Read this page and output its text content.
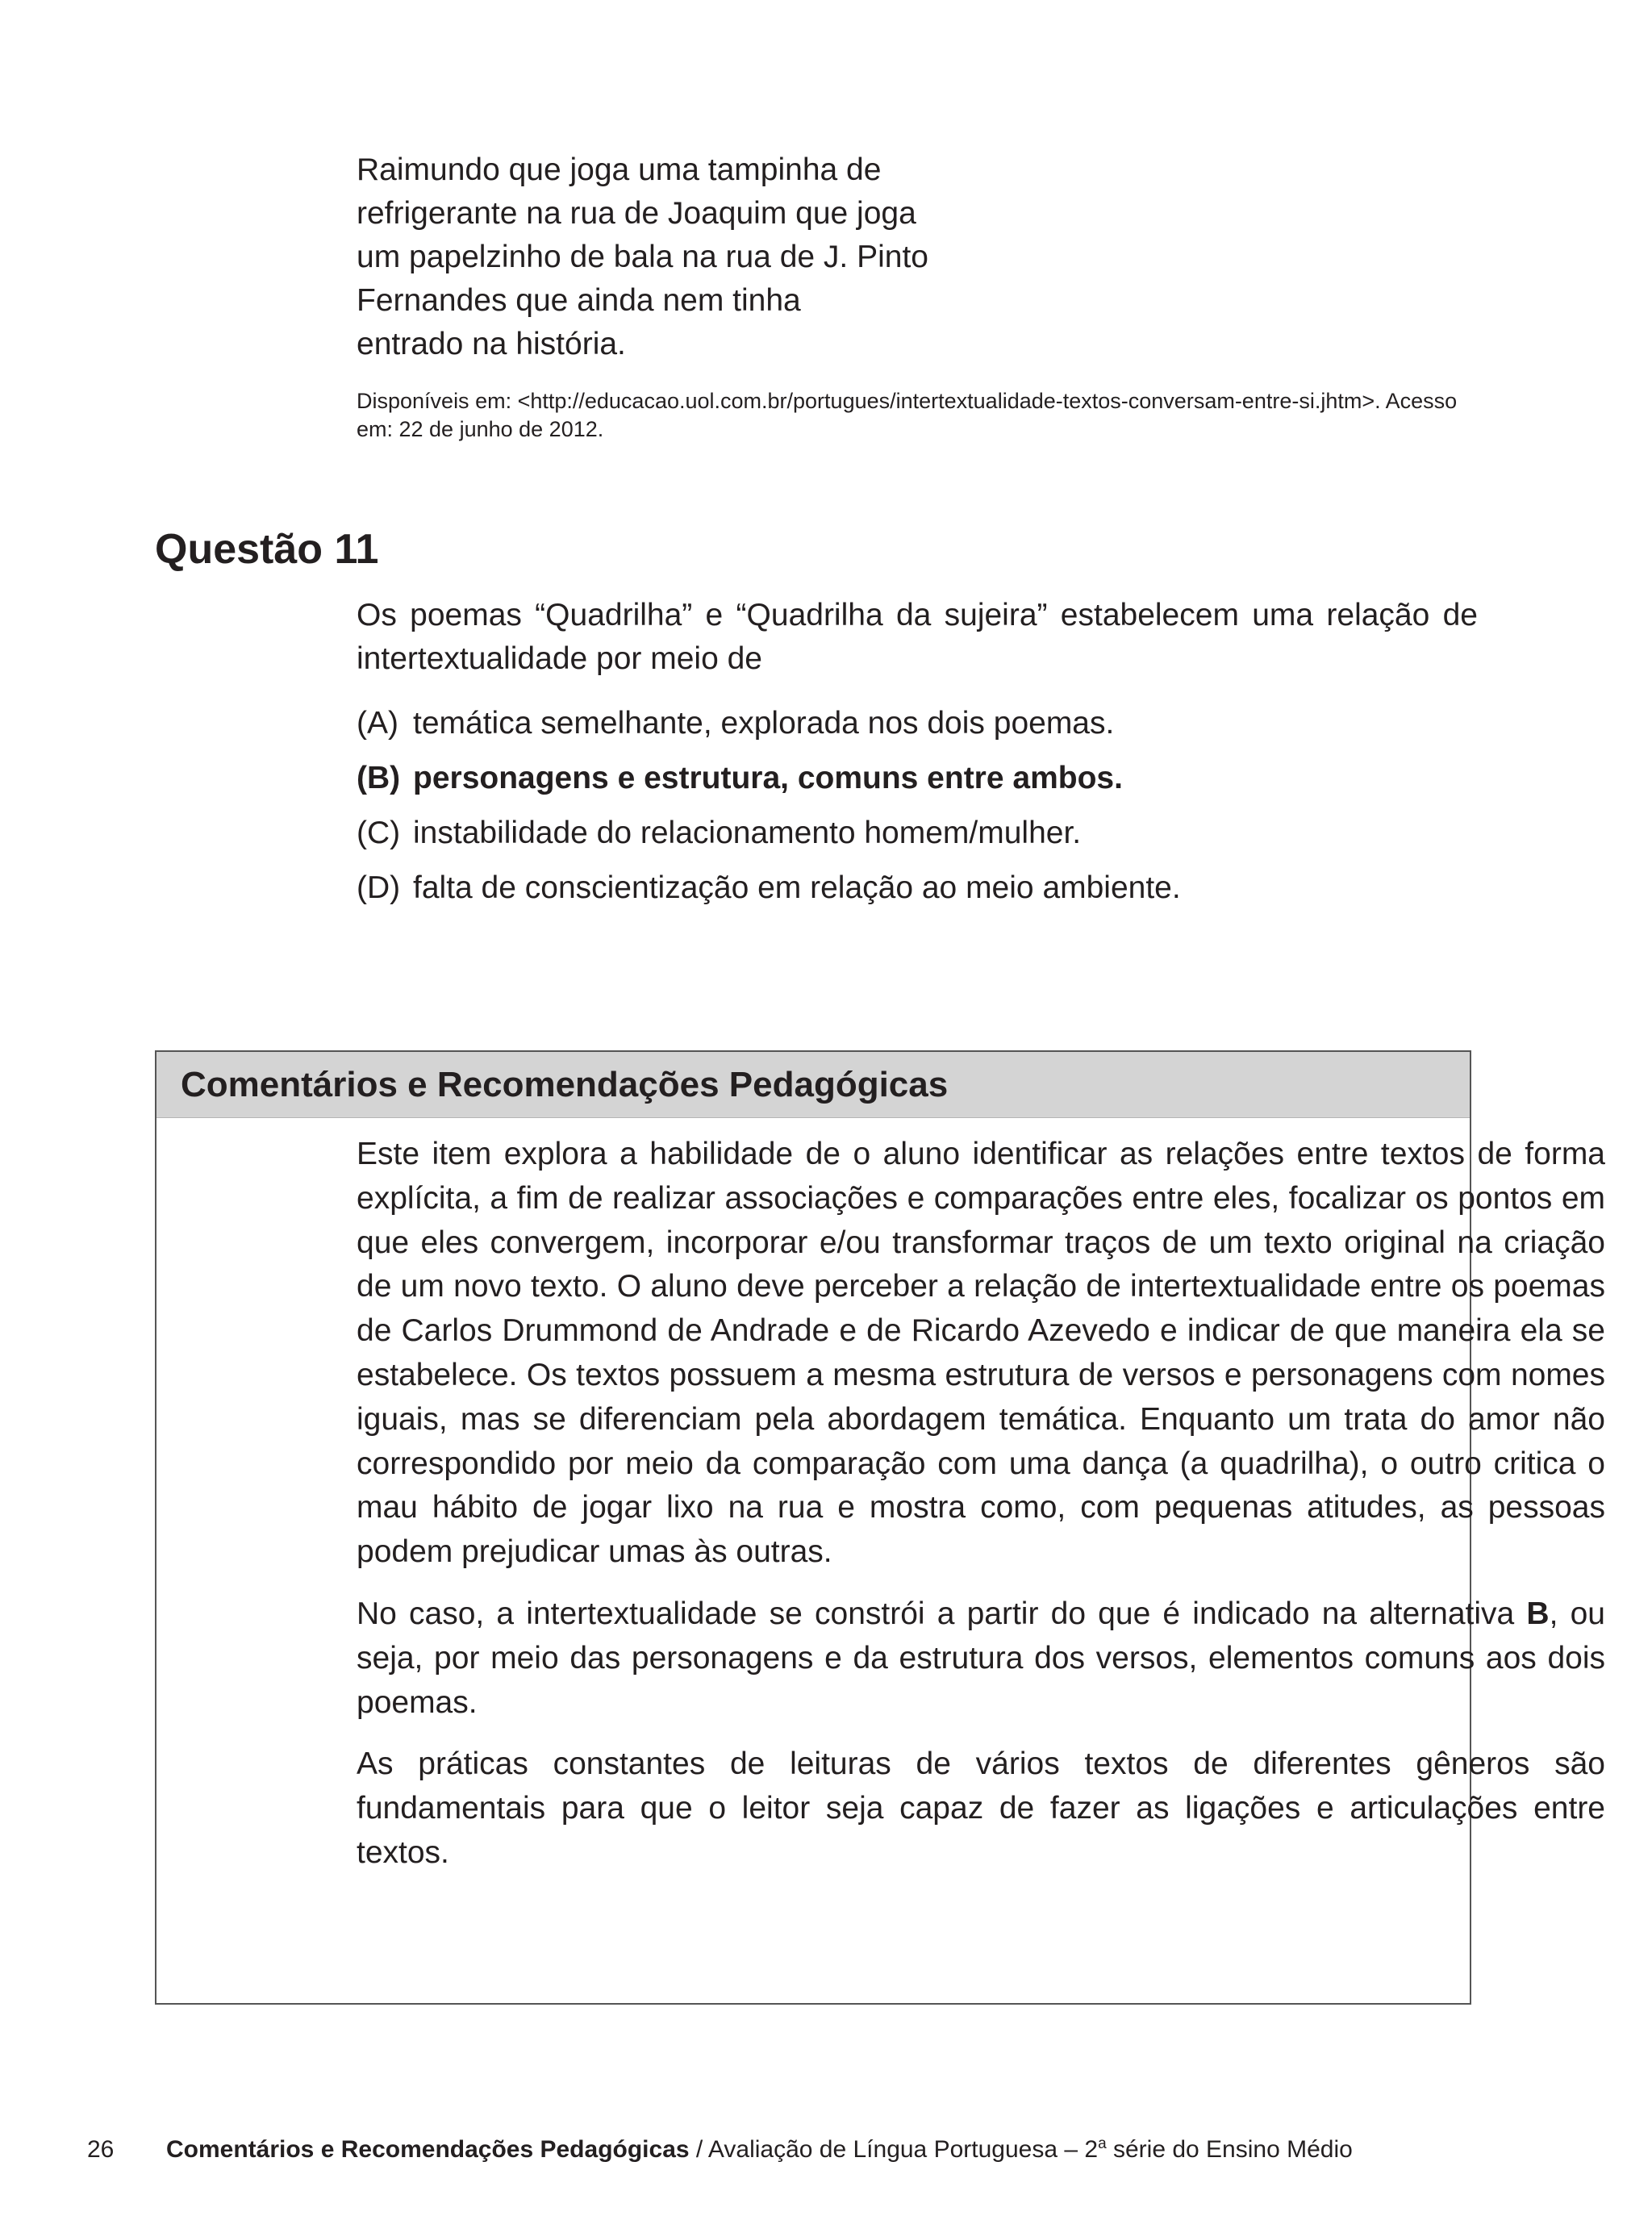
Raimundo que joga uma tampinha de
refrigerante na rua de Joaquim que joga
um papelzinho de bala na rua de J. Pinto
Fernandes que ainda nem tinha
entrado na história.

Disponíveis em: <http://educacao.uol.com.br/portugues/intertextualidade-textos-conversam-entre-si.jhtm>. Acesso em: 22 de junho de 2012.

Questão 11

Os poemas “Quadrilha” e “Quadrilha da sujeira” estabelecem uma relação de intertextualidade por meio de

(A) temática semelhante, explorada nos dois poemas.
(B) personagens e estrutura, comuns entre ambos.
(C) instabilidade do relacionamento homem/mulher.
(D) falta de conscientização em relação ao meio ambiente.
Comentários e Recomendações Pedagógicas

Este item explora a habilidade de o aluno identificar as relações entre textos de forma explícita, a fim de realizar associações e comparações entre eles, focalizar os pontos em que eles convergem, incorporar e/ou transformar traços de um texto original na criação de um novo texto. O aluno deve perceber a relação de intertextualidade entre os poemas de Carlos Drummond de Andrade e de Ricardo Azevedo e indicar de que maneira ela se estabelece. Os textos possuem a mesma estrutura de versos e personagens com nomes iguais, mas se diferenciam pela abordagem temática. Enquanto um trata do amor não correspondido por meio da comparação com uma dança (a quadrilha), o outro critica o mau hábito de jogar lixo na rua e mostra como, com pequenas atitudes, as pessoas podem prejudicar umas às outras.

No caso, a intertextualidade se constrói a partir do que é indicado na alternativa B, ou seja, por meio das personagens e da estrutura dos versos, elementos comuns aos dois poemas.

As práticas constantes de leituras de vários textos de diferentes gêneros são fundamentais para que o leitor seja capaz de fazer as ligações e articulações entre textos.

26 Comentários e Recomendações Pedagógicas / Avaliação de Língua Portuguesa – 2$^a$ série do Ensino Médio
